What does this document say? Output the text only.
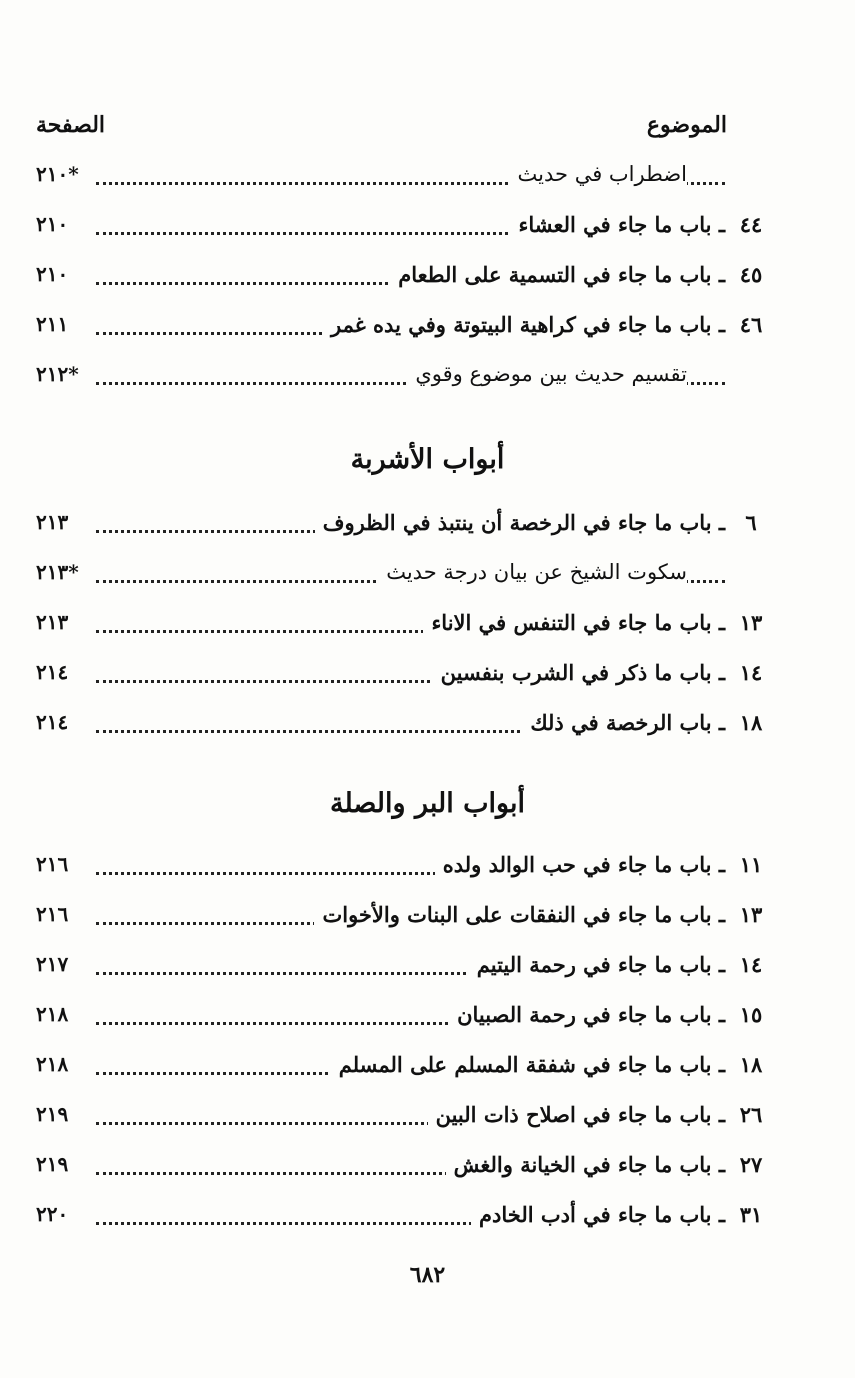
الموضوع
الصفحة
اضطراب في حديث
٢١٠*
٤٤
ـ باب ما جاء في العشاء
٢١٠
٤٥
ـ باب ما جاء في التسمية على الطعام
٢١٠
٤٦
ـ باب ما جاء في كراهية البيتوتة وفي يده غمر
٢١١
تقسيم حديث بين موضوع وقوي
٢١٢*
أبواب الأشربة
٦
ـ باب ما جاء في الرخصة أن ينتبذ في الظروف
٢١٣
سكوت الشيخ عن بيان درجة حديث
٢١٣*
١٣
ـ باب ما جاء في التنفس في الاناء
٢١٣
١٤
ـ باب ما ذكر في الشرب بنفسين
٢١٤
١٨
ـ باب الرخصة في ذلك
٢١٤
أبواب البر والصلة
١١
ـ باب ما جاء في حب الوالد ولده
٢١٦
١٣
ـ باب ما جاء في النفقات على البنات والأخوات
٢١٦
١٤
ـ باب ما جاء في رحمة اليتيم
٢١٧
١٥
ـ باب ما جاء في رحمة الصبيان
٢١٨
١٨
ـ باب ما جاء في شفقة المسلم على المسلم
٢١٨
٢٦
ـ باب ما جاء في اصلاح ذات البين
٢١٩
٢٧
ـ باب ما جاء في الخيانة والغش
٢١٩
٣١
ـ باب ما جاء في أدب الخادم
٢٢٠
٦٨٢
